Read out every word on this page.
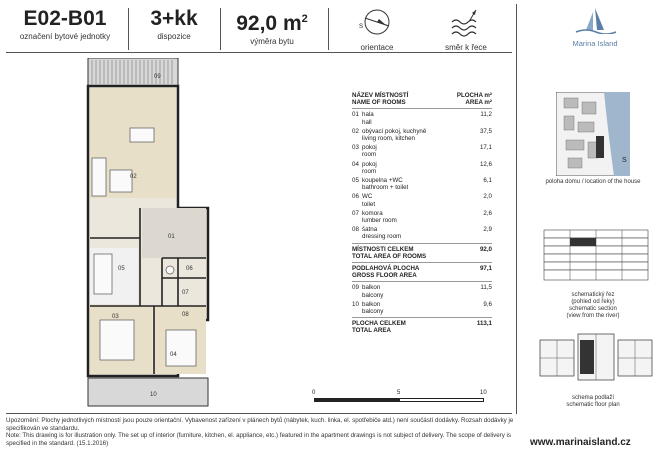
E02-B01
označení bytové jednotky
3+kk
dispozice
92,0 $m^2$
výměra bytu
S
orientace	směr k řece	Marina Island
09
02
01
05	06
07
08
03
04
10	0	5	10
NÁZEV MÍSTNOSTÍ
NAME OF ROOMS
PLOCHA m²
AREA m²
01 hala
hall
11,2
02 obývací pokoj, kuchyně
living room, kitchen
37,5
03 pokoj
room
17,1
04 pokoj
room
12,6
05 koupelna +WC
bathroom + toilet
6,1
06 WC
toilet
2,0
07 komora
lumber room
2,6
08 šatna
dressing room
2,9
MÍSTNOSTI CELKEM
TOTAL AREA OF ROOMS
92,0
PODLAHOVÁ PLOCHA
GROSS FLOOR AREA
97,1
09 balkon
balcony
11,5
10 balkon
balcony
9,6
PLOCHA CELKEM
TOTAL AREA
113,1
S
poloha domu / location of the house
schematický řez
(pohled od řeky)
schematic section
(view from the river)
schema podlaží
schematic floor plan
Upozornění: Plochy jednotlivých místností jsou pouze orientační. Vybavenost zařízení v plánech bytů (nábytek, kuch. linka, el. spotřebiče atd.) není součástí dodávky. Rozsah dodávky je specifikován ve standardu.
Note: This drawing is for illustration only. The set up of interior (furniture, kitchen, el. appliance, etc.) featured in the apartment drawings is not subject of delivery. The scope of delivery is specified in the standard. (15.1.2016)	www.marinaisland.cz
